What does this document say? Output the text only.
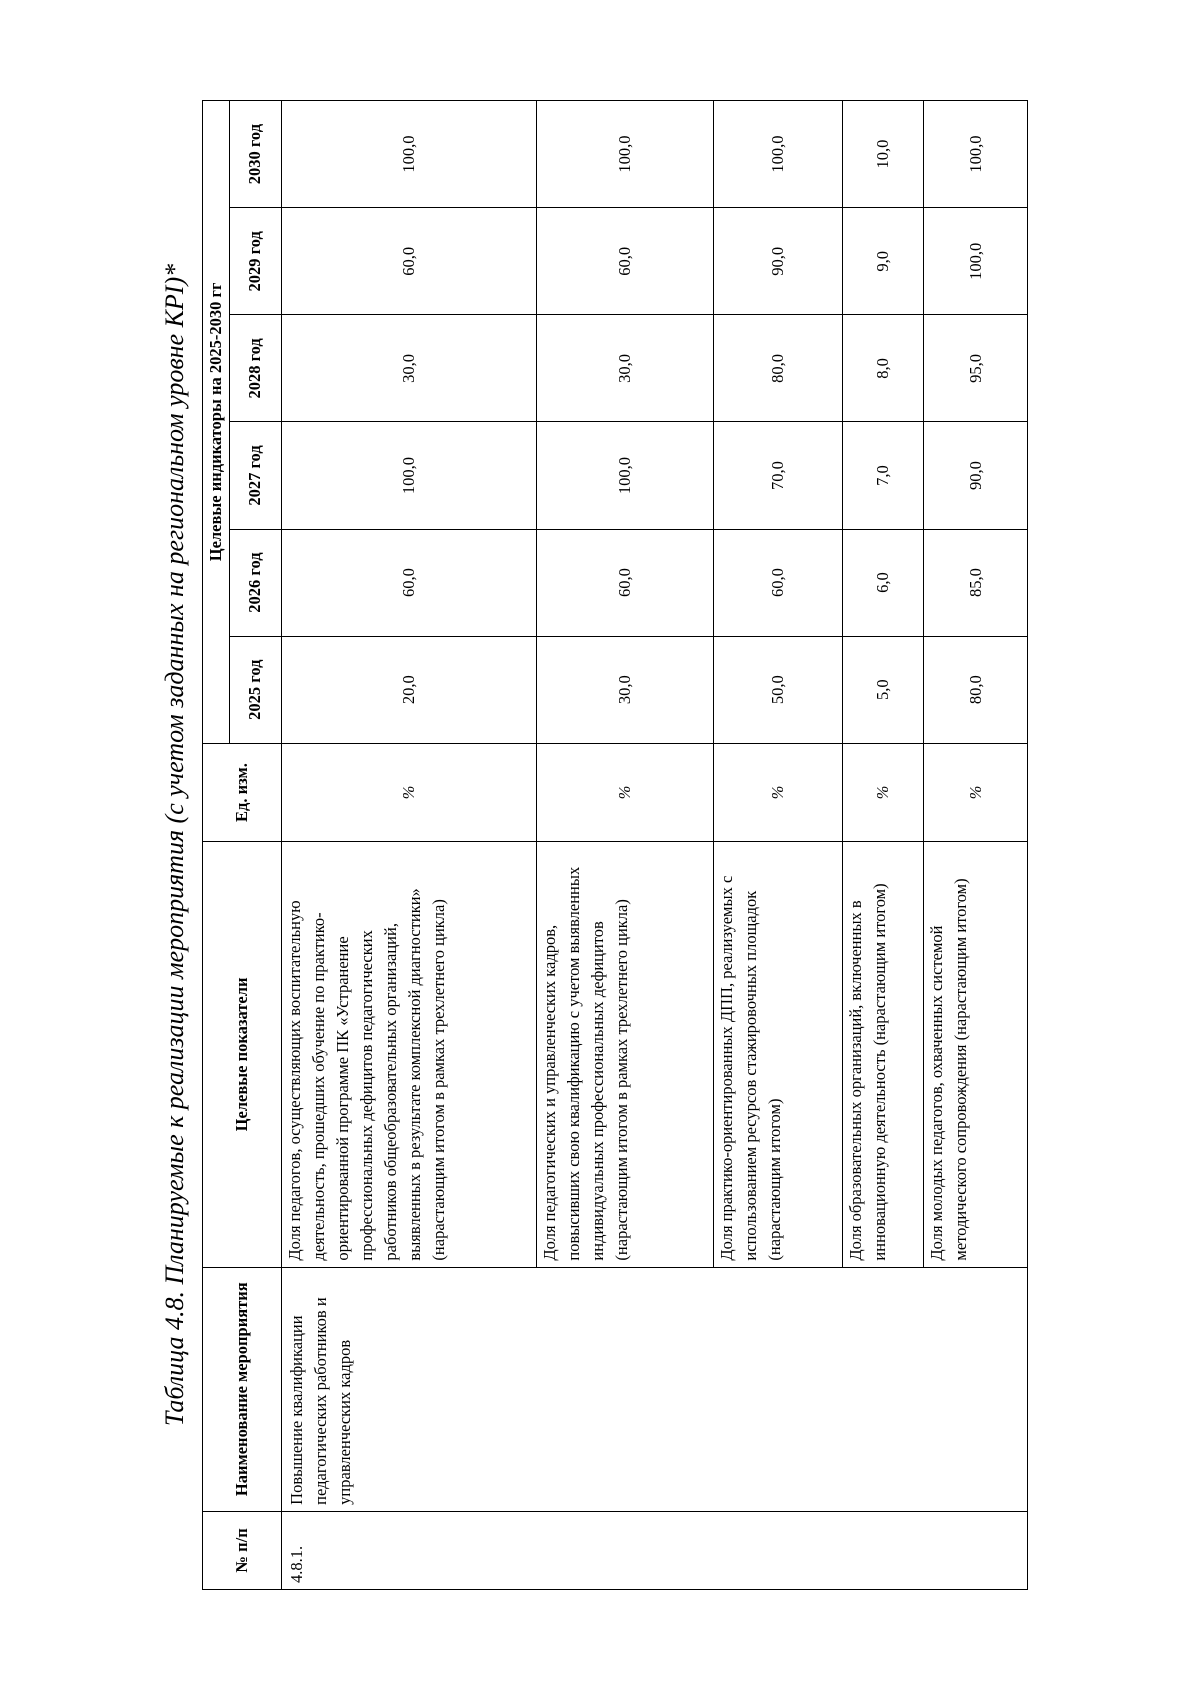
Таблица 4.8. Планируемые к реализации мероприятия (с учетом заданных на региональном уровне KPI)*
№ п/п	Наименование мероприятия	Целевые показатели	Ед. изм.	Целевые индикаторы на 2025-2030 гг					
				2025 год	2026 год	2027 год	2028 год	2029 год	2030 год
4.8.1.	Повышение квалификации педагогических работников и управленческих кадров	Доля педагогов, осуществляющих воспитательную деятельность, прошедших обучение по практико-ориентированной программе ПК «Устранение профессиональных дефицитов педагогических работников общеобразовательных организаций, выявленных в результате комплексной диагностики» (нарастающим итогом в рамках трехлетнего цикла)	%	20,0	60,0	100,0	30,0	60,0	100,0
		Доля педагогических и управленческих кадров, повысивших свою квалификацию с учетом выявленных индивидуальных профессиональных дефицитов (нарастающим итогом в рамках трехлетнего цикла)	%	30,0	60,0	100,0	30,0	60,0	100,0
		Доля практико-ориентированных ДПП, реализуемых с использованием ресурсов стажировочных площадок (нарастающим итогом)	%	50,0	60,0	70,0	80,0	90,0	100,0
		Доля образовательных организаций, включенных в инновационную деятельность (нарастающим итогом)	%	5,0	6,0	7,0	8,0	9,0	10,0
		Доля молодых педагогов, охваченных системой методического сопровождения (нарастающим итогом)	%	80,0	85,0	90,0	95,0	100,0	100,0
